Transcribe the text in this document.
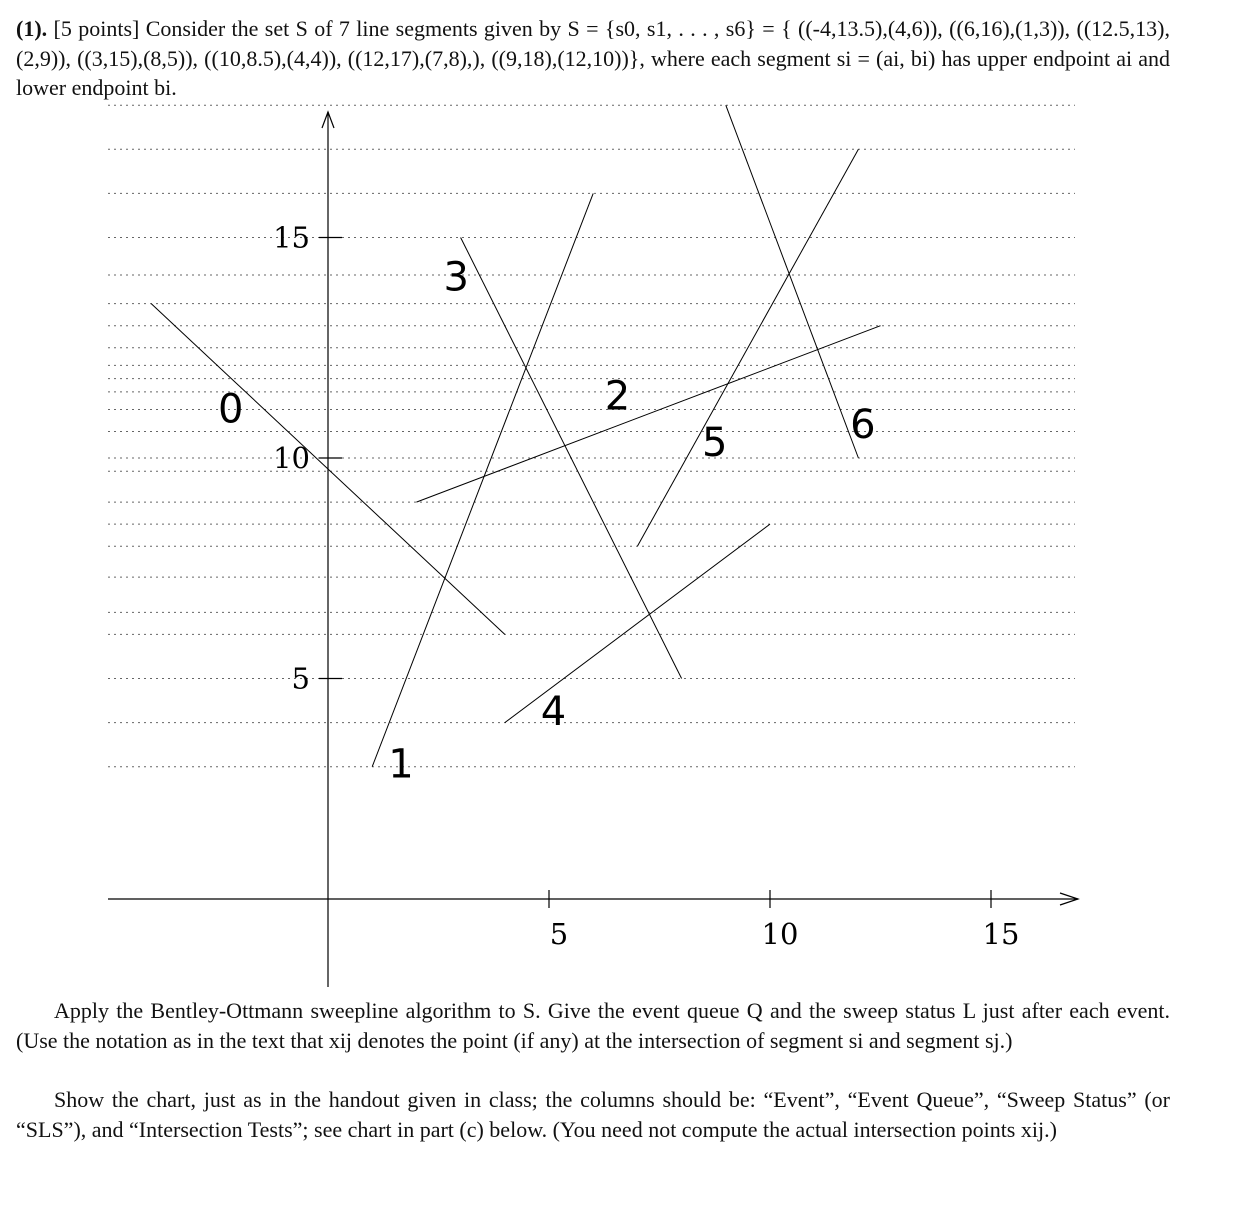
(1). [5 points] Consider the set S of 7 line segments given by S = {s0, s1, . . . , s6} = { ((-4,13.5),(4,6)), ((6,16),(1,3)), ((12.5,13),(2,9)), ((3,15),(8,5)), ((10,8.5),(4,4)), ((12,17),(7,8),), ((9,18),(12,10))}, where each segment si = (ai, bi) has upper endpoint ai and lower endpoint bi.
5	10	15
15
10
5
0
1
2
3
4
5	6
Apply the Bentley-Ottmann sweepline algorithm to S. Give the event queue Q and the sweep status L just after each event. (Use the notation as in the text that xij denotes the point (if any) at the intersection of segment si and segment sj.)
Show the chart, just as in the handout given in class; the columns should be: “Event”, “Event Queue”, “Sweep Status” (or “SLS”), and “Intersection Tests”; see chart in part (c) below. (You need not compute the actual intersection points xij.)
